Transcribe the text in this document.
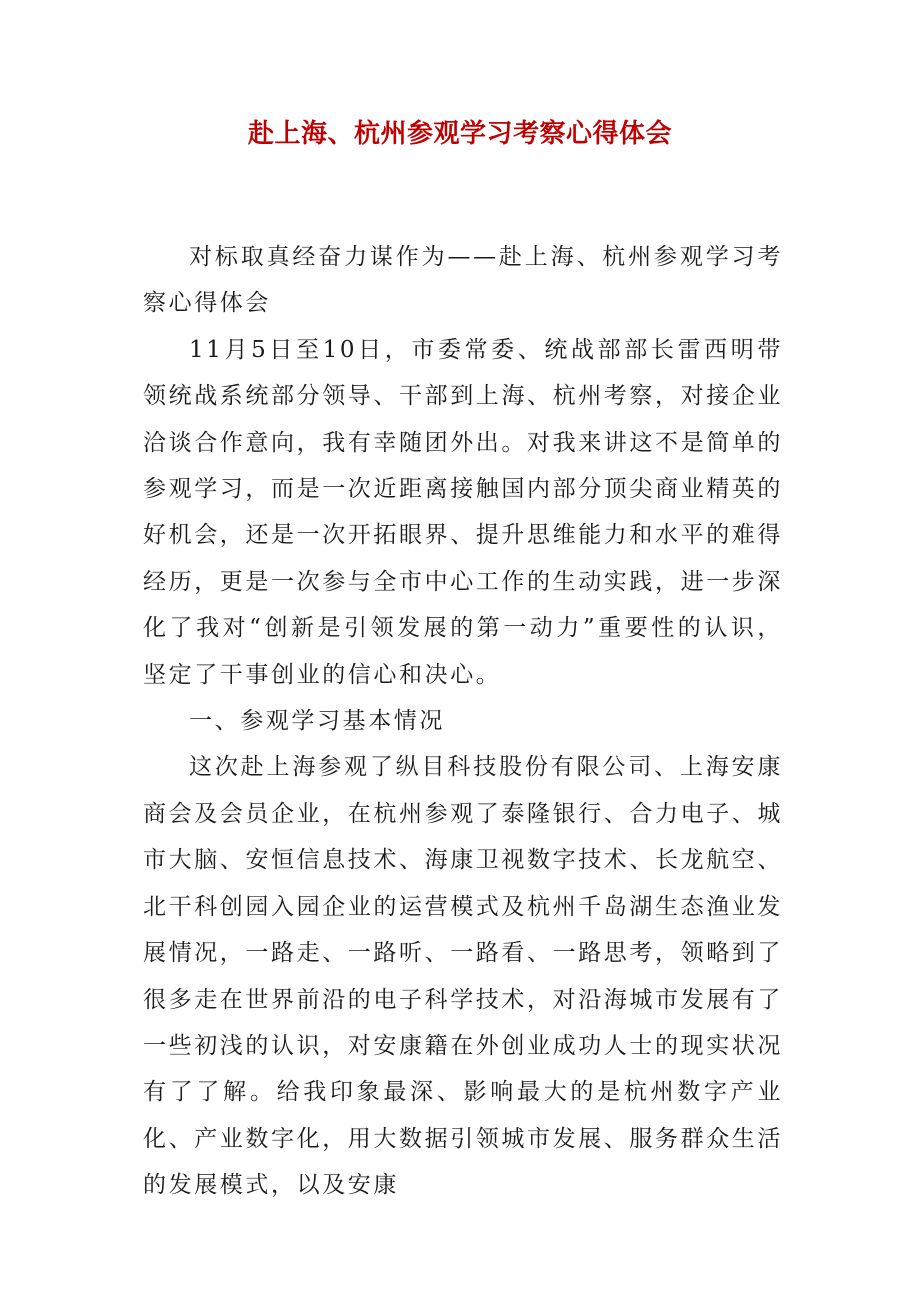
赴上海、杭州参观学习考察心得体会

对标取真经奋力谋作为——赴上海、杭州参观学习考察心得体会

11月5日至10日，市委常委、统战部部长雷西明带领统战系统部分领导、干部到上海、杭州考察，对接企业洽谈合作意向，我有幸随团外出。对我来讲这不是简单的参观学习，而是一次近距离接触国内部分顶尖商业精英的好机会，还是一次开拓眼界、提升思维能力和水平的难得经历，更是一次参与全市中心工作的生动实践，进一步深化了我对“创新是引领发展的第一动力”重要性的认识，坚定了干事创业的信心和决心。

一、参观学习基本情况

这次赴上海参观了纵目科技股份有限公司、上海安康商会及会员企业，在杭州参观了泰隆银行、合力电子、城市大脑、安恒信息技术、海康卫视数字技术、长龙航空、北干科创园入园企业的运营模式及杭州千岛湖生态渔业发展情况，一路走、一路听、一路看、一路思考，领略到了很多走在世界前沿的电子科学技术，对沿海城市发展有了一些初浅的认识，对安康籍在外创业成功人士的现实状况有了了解。给我印象最深、影响最大的是杭州数字产业化、产业数字化，用大数据引领城市发展、服务群众生活的发展模式，以及安康
